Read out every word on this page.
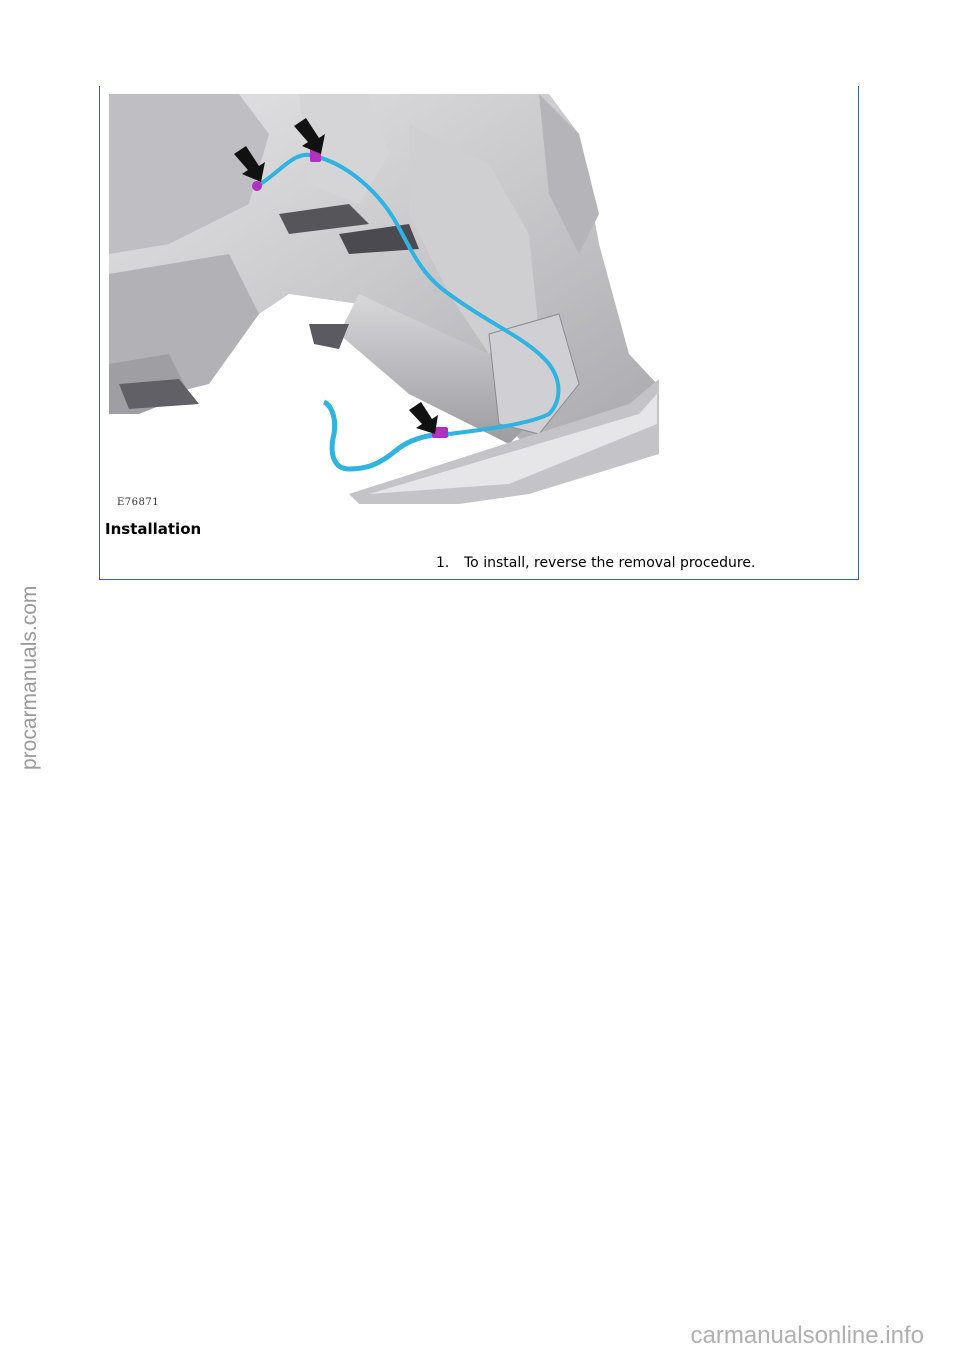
E76871
Installation
1. To install, reverse the removal procedure.
procarmanuals.com
carmanualsonline.info
